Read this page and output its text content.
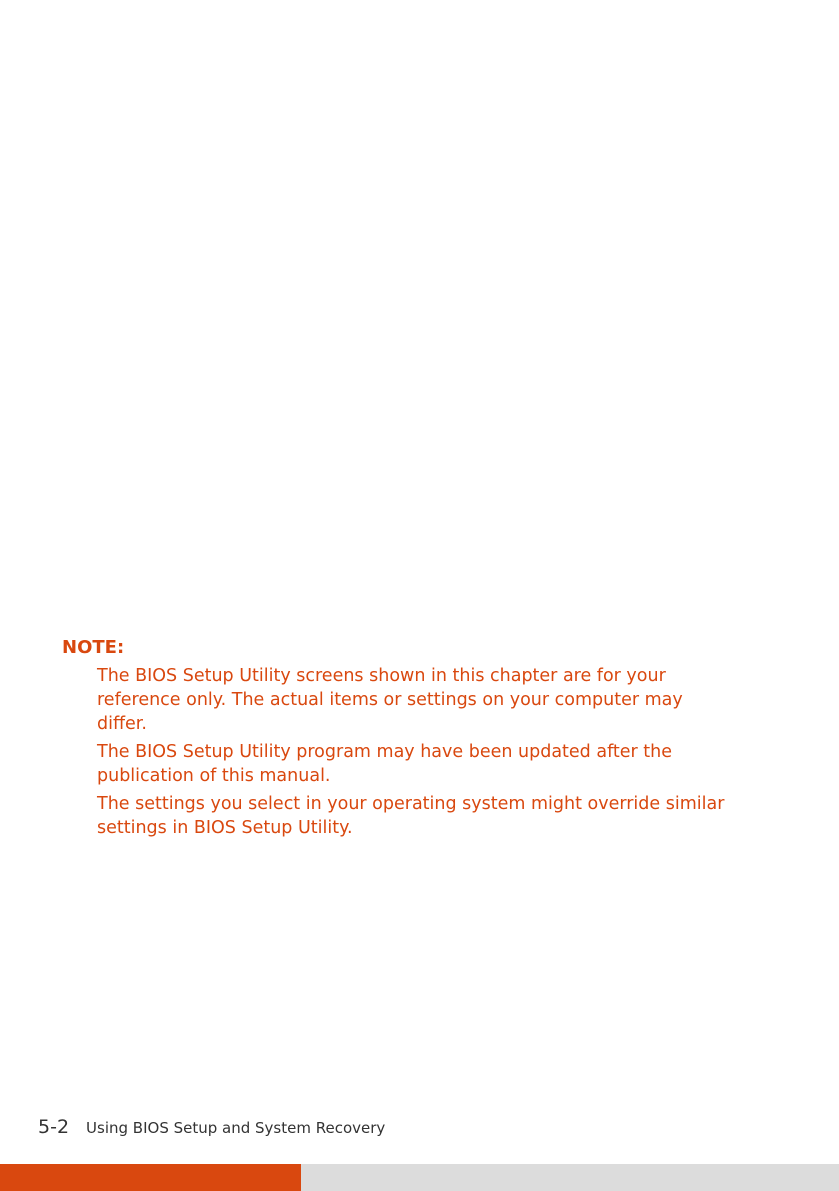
NOTE:

The BIOS Setup Utility screens shown in this chapter are for your
reference only. The actual items or settings on your computer may
differ.

The BIOS Setup Utility program may have been updated after the
publication of this manual.

The settings you select in your operating system might override similar
settings in BIOS Setup Utility.

5-2 Using BIOS Setup and System Recovery
